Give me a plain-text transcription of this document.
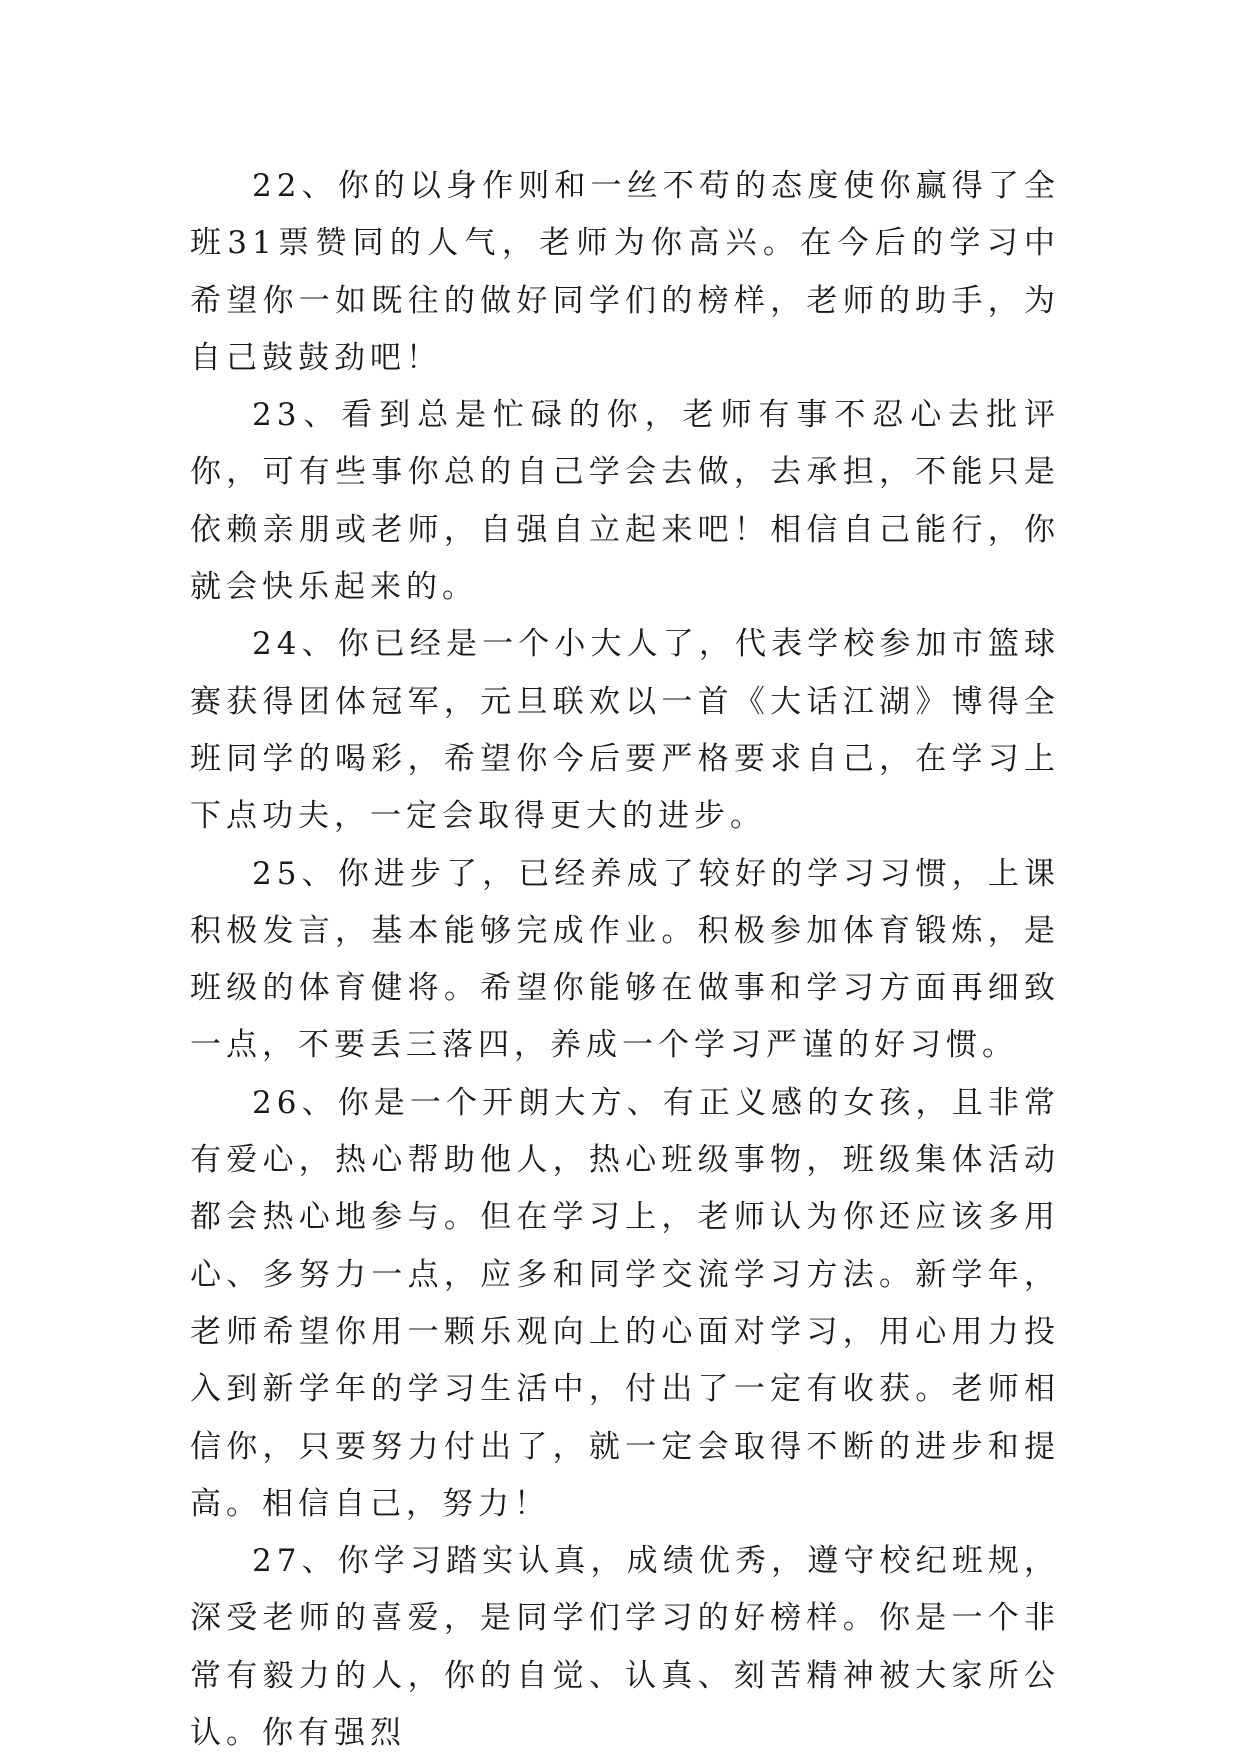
22、你的以身作则和一丝不苟的态度使你赢得了全班31票赞同的人气，老师为你高兴。在今后的学习中希望你一如既往的做好同学们的榜样，老师的助手，为自己鼓鼓劲吧！

23、看到总是忙碌的你，老师有事不忍心去批评你，可有些事你总的自己学会去做，去承担，不能只是依赖亲朋或老师，自强自立起来吧！相信自己能行，你就会快乐起来的。

24、你已经是一个小大人了，代表学校参加市篮球赛获得团体冠军，元旦联欢以一首《大话江湖》博得全班同学的喝彩，希望你今后要严格要求自己，在学习上下点功夫，一定会取得更大的进步。

25、你进步了，已经养成了较好的学习习惯，上课积极发言，基本能够完成作业。积极参加体育锻炼，是班级的体育健将。希望你能够在做事和学习方面再细致一点，不要丢三落四，养成一个学习严谨的好习惯。

26、你是一个开朗大方、有正义感的女孩，且非常有爱心，热心帮助他人，热心班级事物，班级集体活动都会热心地参与。但在学习上，老师认为你还应该多用心、多努力一点，应多和同学交流学习方法。新学年，老师希望你用一颗乐观向上的心面对学习，用心用力投入到新学年的学习生活中，付出了一定有收获。老师相信你，只要努力付出了，就一定会取得不断的进步和提高。相信自己，努力！

27、你学习踏实认真，成绩优秀，遵守校纪班规，深受老师的喜爱，是同学们学习的好榜样。你是一个非常有毅力的人，你的自觉、认真、刻苦精神被大家所公认。你有强烈
